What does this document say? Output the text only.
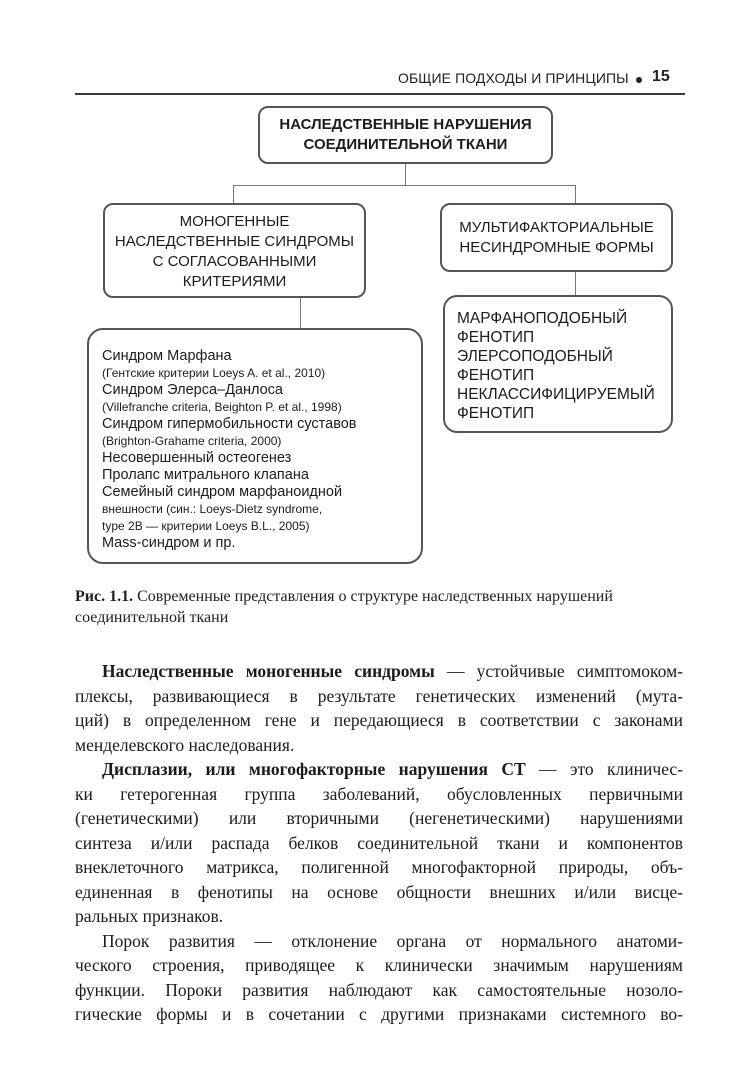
ОБЩИЕ ПОДХОДЫ И ПРИНЦИПЫ 15
НАСЛЕДСТВЕННЫЕ НАРУШЕНИЯ
СОЕДИНИТЕЛЬНОЙ ТКАНИ
МОНОГЕННЫЕ
НАСЛЕДСТВЕННЫЕ СИНДРОМЫ
С СОГЛАСОВАННЫМИ
КРИТЕРИЯМИ
МУЛЬТИФАКТОРИАЛЬНЫЕ
НЕСИНДРОМНЫЕ ФОРМЫ
Синдром Марфана
(Гентские критерии Loeys A. et al., 2010)
Синдром Элерса–Данлоса
(Villefranche criteria, Beighton P. et al., 1998)
Синдром гипермобильности суставов
(Brighton-Grahame criteria, 2000)
Несовершенный остеогенез
Пролапс митрального клапана
Семейный синдром марфаноидной
внешности (син.: Loeys-Dietz syndrome,
type 2B — критерии Loeys B.L., 2005)
Mass-синдром и пр.
МАРФАНОПОДОБНЫЙ
ФЕНОТИП
ЭЛЕРСОПОДОБНЫЙ
ФЕНОТИП
НЕКЛАССИФИЦИРУЕМЫЙ
ФЕНОТИП
Рис. 1.1. Современные представления о структуре наследственных нарушений
соединительной ткани
Наследственные моногенные синдромы — устойчивые симптомоком-
плексы, развивающиеся в результате генетических изменений (мута-
ций) в определенном гене и передающиеся в соответствии с законами
менделевского наследования.
Дисплазии, или многофакторные нарушения СТ — это клиничес-
ки гетерогенная группа заболеваний, обусловленных первичными
(генетическими) или вторичными (негенетическими) нарушениями
синтеза и/или распада белков соединительной ткани и компонентов
внеклеточного матрикса, полигенной многофакторной природы, объ-
единенная в фенотипы на основе общности внешних и/или висце-
ральных признаков.
Порок развития — отклонение органа от нормального анатоми-
ческого строения, приводящее к клинически значимым нарушениям
функции. Пороки развития наблюдают как самостоятельные нозоло-
гические формы и в сочетании с другими признаками системного во-
